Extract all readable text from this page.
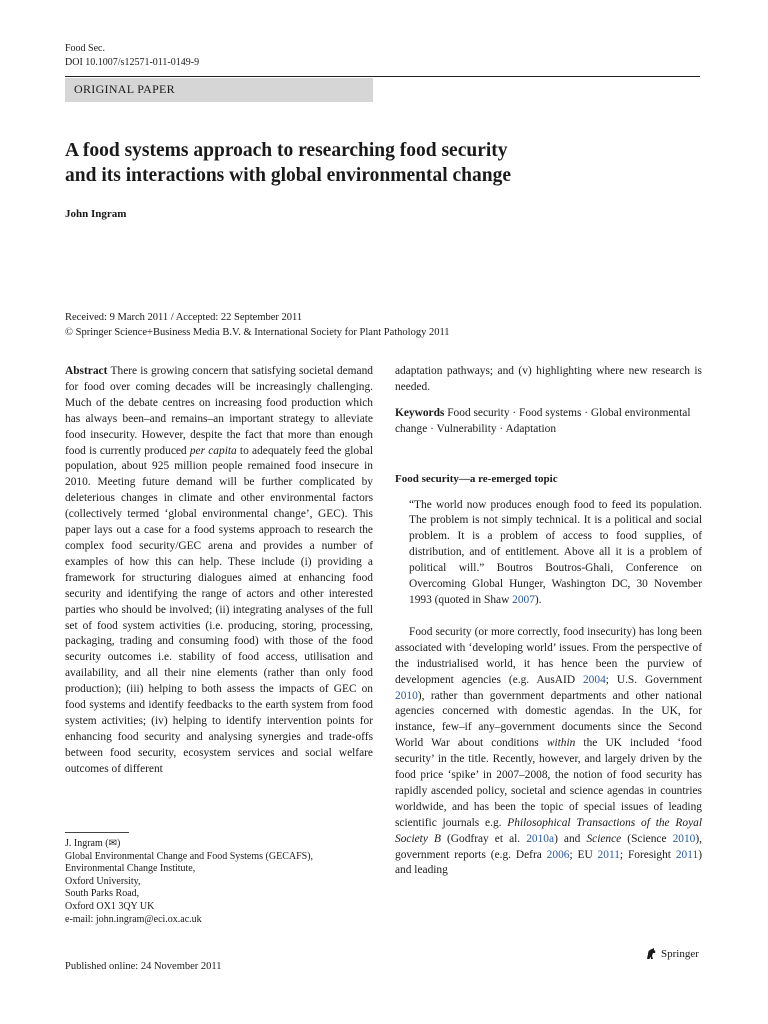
Food Sec.
DOI 10.1007/s12571-011-0149-9
ORIGINAL PAPER
A food systems approach to researching food security
and its interactions with global environmental change
John Ingram
Received: 9 March 2011 / Accepted: 22 September 2011
© Springer Science+Business Media B.V. & International Society for Plant Pathology 2011

Abstract There is growing concern that satisfying societal demand for food over coming decades will be increasingly challenging. Much of the debate centres on increasing food production which has always been–and remains–an important strategy to alleviate food insecurity. However, despite the fact that more than enough food is currently produced per capita to adequately feed the global population, about 925 million people remained food insecure in 2010. Meeting future demand will be further complicated by deleterious changes in climate and other environmental factors (collectively termed ‘global environmental change’, GEC). This paper lays out a case for a food systems approach to research the complex food security/GEC arena and provides a number of examples of how this can help. These include (i) providing a framework for structuring dialogues aimed at enhancing food security and identifying the range of actors and other interested parties who should be involved; (ii) integrating analyses of the full set of food system activities (i.e. producing, storing, processing, packaging, trading and consuming food) with those of the food security outcomes i.e. stability of food access, utilisation and availability, and all their nine elements (rather than only food production); (iii) helping to both assess the impacts of GEC on food systems and identify feedbacks to the earth system from food system activities; (iv) helping to identify intervention points for enhancing food security and analysing synergies and trade-offs between food security, ecosystem services and social welfare outcomes of different

J. Ingram (✉)
Global Environmental Change and Food Systems (GECAFS),
Environmental Change Institute,
Oxford University,
South Parks Road,
Oxford OX1 3QY UK
e-mail: john.ingram@eci.ox.ac.uk

adaptation pathways; and (v) highlighting where new research is needed.

Keywords Food security · Food systems · Global environmental change · Vulnerability · Adaptation

Food security—a re-emerged topic

“The world now produces enough food to feed its population. The problem is not simply technical. It is a political and social problem. It is a problem of access to food supplies, of distribution, and of entitlement. Above all it is a problem of political will.” Boutros Boutros-Ghali, Conference on Overcoming Global Hunger, Washington DC, 30 November 1993 (quoted in Shaw 2007).

Food security (or more correctly, food insecurity) has long been associated with ‘developing world’ issues. From the perspective of the industrialised world, it has hence been the purview of development agencies (e.g. AusAID 2004; U.S. Government 2010), rather than government departments and other national agencies concerned with domestic agendas. In the UK, for instance, few–if any–government documents since the Second World War about conditions within the UK included ‘food security’ in the title. Recently, however, and largely driven by the food price ‘spike’ in 2007–2008, the notion of food security has rapidly ascended policy, societal and science agendas in countries worldwide, and has been the topic of special issues of leading scientific journals e.g. Philosophical Transactions of the Royal Society B (Godfray et al. 2010a) and Science (Science 2010), government reports (e.g. Defra 2006; EU 2011; Foresight 2011) and leading

Published online: 24 November 2011
Springer
